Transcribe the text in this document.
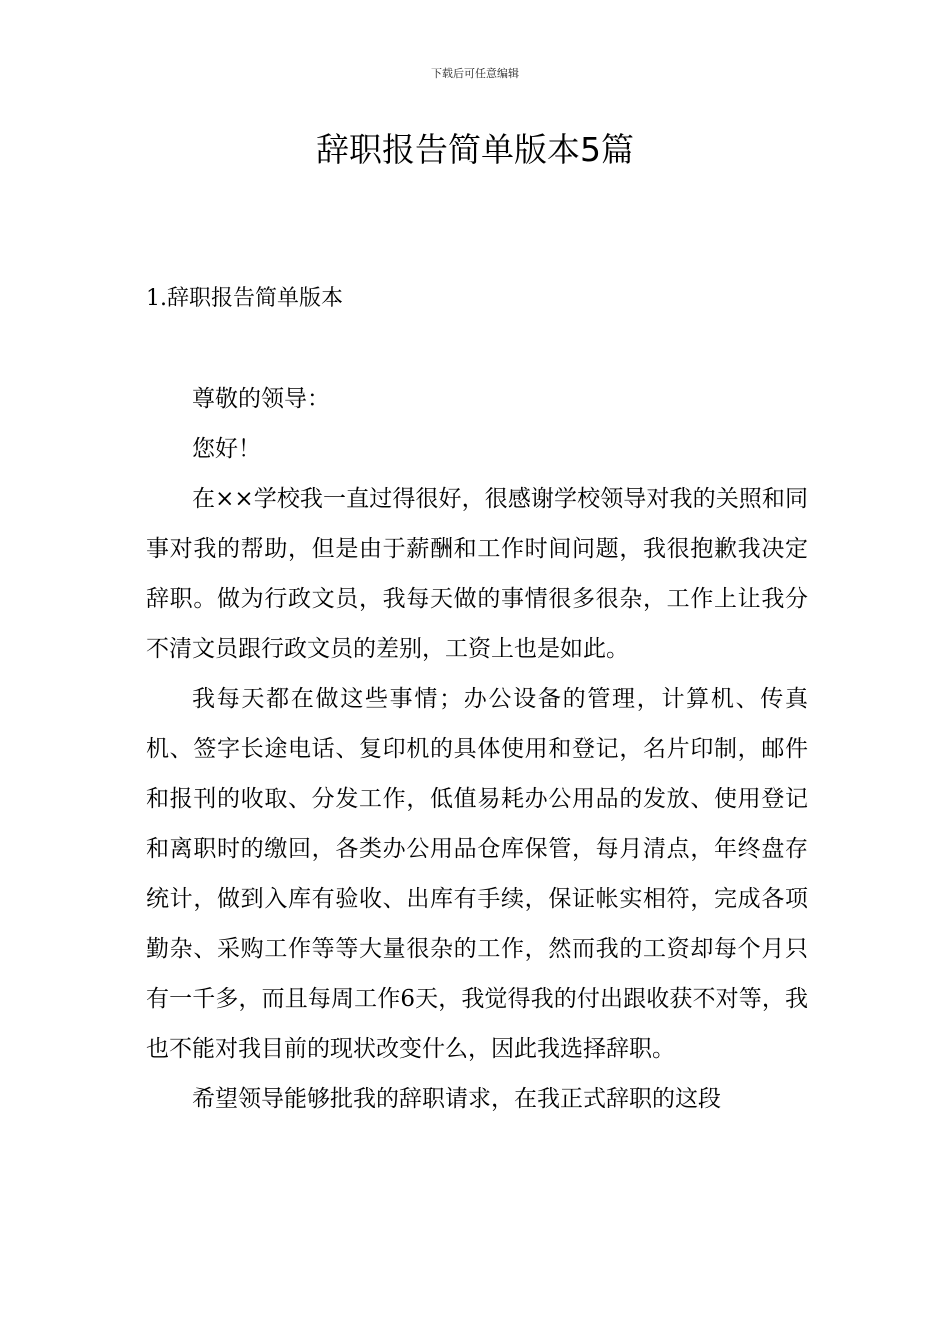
下载后可任意编辑
辞职报告简单版本5篇
1.辞职报告简单版本

尊敬的领导：

您好！

在××学校我一直过得很好，很感谢学校领导对我的关照和同事对我的帮助，但是由于薪酬和工作时间问题，我很抱歉我决定辞职。做为行政文员，我每天做的事情很多很杂，工作上让我分不清文员跟行政文员的差别，工资上也是如此。

我每天都在做这些事情；办公设备的管理，计算机、传真机、签字长途电话、复印机的具体使用和登记，名片印制，邮件和报刊的收取、分发工作，低值易耗办公用品的发放、使用登记和离职时的缴回，各类办公用品仓库保管，每月清点，年终盘存统计，做到入库有验收、出库有手续，保证帐实相符，完成各项勤杂、采购工作等等大量很杂的工作，然而我的工资却每个月只有一千多，而且每周工作6天，我觉得我的付出跟收获不对等，我也不能对我目前的现状改变什么，因此我选择辞职。

希望领导能够批我的辞职请求，在我正式辞职的这段
